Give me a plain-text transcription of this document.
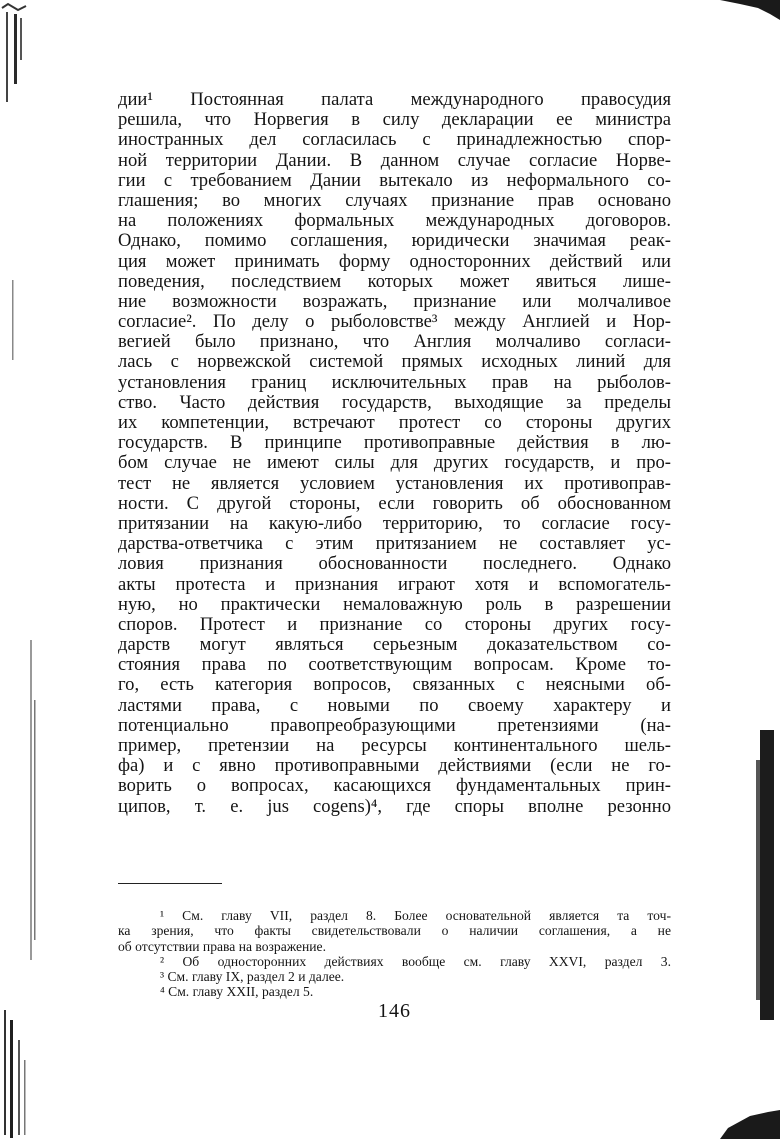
дии¹ Постоянная палата международного правосудия
решила, что Норвегия в силу декларации ее министра
иностранных дел согласилась с принадлежностью спор-
ной территории Дании. В данном случае согласие Норве-
гии с требованием Дании вытекало из неформального со-
глашения; во многих случаях признание прав основано
на положениях формальных международных договоров.
Однако, помимо соглашения, юридически значимая реак-
ция может принимать форму односторонних действий или
поведения, последствием которых может явиться лише-
ние возможности возражать, признание или молчаливое
согласие². По делу о рыболовстве³ между Англией и Нор-
вегией было признано, что Англия молчаливо согласи-
лась с норвежской системой прямых исходных линий для
установления границ исключительных прав на рыболов-
ство. Часто действия государств, выходящие за пределы
их компетенции, встречают протест со стороны других
государств. В принципе противоправные действия в лю-
бом случае не имеют силы для других государств, и про-
тест не является условием установления их противоправ-
ности. С другой стороны, если говорить об обоснованном
притязании на какую-либо территорию, то согласие госу-
дарства-ответчика с этим притязанием не составляет ус-
ловия признания обоснованности последнего. Однако
акты протеста и признания играют хотя и вспомогатель-
ную, но практически немаловажную роль в разрешении
споров. Протест и признание со стороны других госу-
дарств могут являться серьезным доказательством со-
стояния права по соответствующим вопросам. Кроме то-
го, есть категория вопросов, связанных с неясными об-
ластями права, с новыми по своему характеру и
потенциально правопреобразующими претензиями (на-
пример, претензии на ресурсы континентального шель-
фа) и с явно противоправными действиями (если не го-
ворить о вопросах, касающихся фундаментальных прин-
ципов, т. е. jus cogens)⁴, где споры вполне резонно
¹ См. главу VII, раздел 8. Более основательной является та точ-
ка зрения, что факты свидетельствовали о наличии соглашения, а не
об отсутствии права на возражение.
² Об односторонних действиях вообще см. главу XXVI, раздел 3.
³ См. главу IX, раздел 2 и далее.
⁴ См. главу XXII, раздел 5.
146
